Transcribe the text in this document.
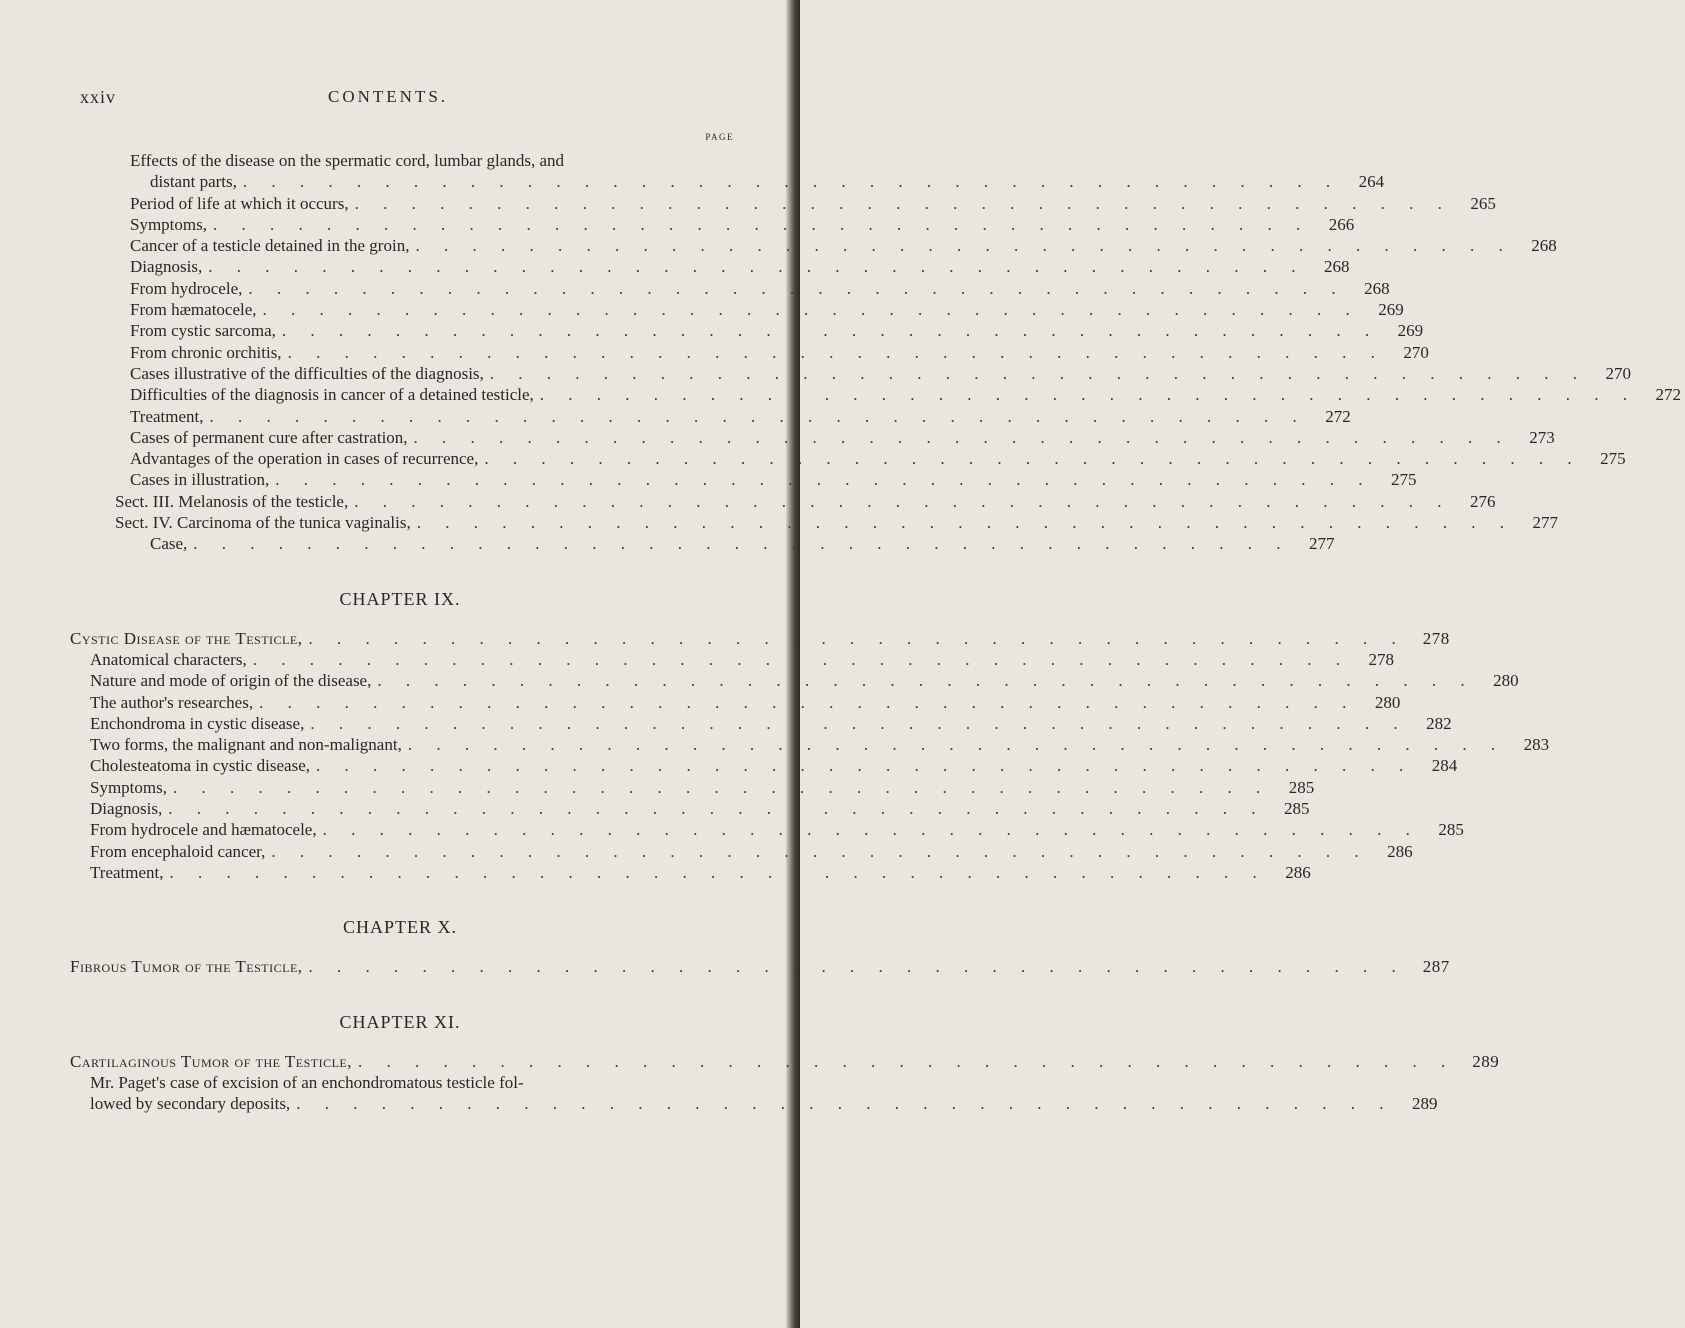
xxiv	CONTENTS.
PAGE
Effects of the disease on the spermatic cord, lumbar glands, and
distant parts, . . . . . . . . . . . . . . . . . . . . . . . . . . . . . . . . . . . . . . .	264
Period of life at which it occurs, . . . . . . . . . . . . . . . . . . . . . . . . . . . . . . . . . . . . . . .	265
Symptoms, . . . . . . . . . . . . . . . . . . . . . . . . . . . . . . . . . . . . . . .	266
Cancer of a testicle detained in the groin, . . . . . . . . . . . . . . . . . . . . . . . . . . . . . . . . . . . . . . .	268
Diagnosis, . . . . . . . . . . . . . . . . . . . . . . . . . . . . . . . . . . . . . . .	268
From hydrocele, . . . . . . . . . . . . . . . . . . . . . . . . . . . . . . . . . . . . . . .	268
From hæmatocele, . . . . . . . . . . . . . . . . . . . . . . . . . . . . . . . . . . . . . . .	269
From cystic sarcoma, . . . . . . . . . . . . . . . . . . . . . . . . . . . . . . . . . . . . . . .	269
From chronic orchitis, . . . . . . . . . . . . . . . . . . . . . . . . . . . . . . . . . . . . . . .	270
Cases illustrative of the difficulties of the diagnosis, . . . . . . . . . . . . . . . . . . . . . . . . . . . . . . . . . . . . . . .	270
Difficulties of the diagnosis in cancer of a detained testicle, . . . . . . . . . . . . . . . . . . . . . . . . . . . . . . . . . . . . . . .	272
Treatment, . . . . . . . . . . . . . . . . . . . . . . . . . . . . . . . . . . . . . . .	272
Cases of permanent cure after castration, . . . . . . . . . . . . . . . . . . . . . . . . . . . . . . . . . . . . . . .	273
Advantages of the operation in cases of recurrence, . . . . . . . . . . . . . . . . . . . . . . . . . . . . . . . . . . . . . . .	275
Cases in illustration, . . . . . . . . . . . . . . . . . . . . . . . . . . . . . . . . . . . . . . .	275
Sect. III. Melanosis of the testicle, . . . . . . . . . . . . . . . . . . . . . . . . . . . . . . . . . . . . . . .	276
Sect. IV. Carcinoma of the tunica vaginalis, . . . . . . . . . . . . . . . . . . . . . . . . . . . . . . . . . . . . . . .	277
Case, . . . . . . . . . . . . . . . . . . . . . . . . . . . . . . . . . . . . . . .	277
CHAPTER IX.
Cystic Disease of the Testicle, . . . . . . . . . . . . . . . . . . . . . . . . . . . . . . . . . . . . . . .	278
Anatomical characters, . . . . . . . . . . . . . . . . . . . . . . . . . . . . . . . . . . . . . . .	278
Nature and mode of origin of the disease, . . . . . . . . . . . . . . . . . . . . . . . . . . . . . . . . . . . . . . .	280
The author's researches, . . . . . . . . . . . . . . . . . . . . . . . . . . . . . . . . . . . . . . .	280
Enchondroma in cystic disease, . . . . . . . . . . . . . . . . . . . . . . . . . . . . . . . . . . . . . . .	282
Two forms, the malignant and non-malignant, . . . . . . . . . . . . . . . . . . . . . . . . . . . . . . . . . . . . . . .	283
Cholesteatoma in cystic disease, . . . . . . . . . . . . . . . . . . . . . . . . . . . . . . . . . . . . . . .	284
Symptoms, . . . . . . . . . . . . . . . . . . . . . . . . . . . . . . . . . . . . . . .	285
Diagnosis, . . . . . . . . . . . . . . . . . . . . . . . . . . . . . . . . . . . . . . .	285
From hydrocele and hæmatocele, . . . . . . . . . . . . . . . . . . . . . . . . . . . . . . . . . . . . . . .	285
From encephaloid cancer, . . . . . . . . . . . . . . . . . . . . . . . . . . . . . . . . . . . . . . .	286
Treatment, . . . . . . . . . . . . . . . . . . . . . . . . . . . . . . . . . . . . . . .	286
CHAPTER X.
Fibrous Tumor of the Testicle, . . . . . . . . . . . . . . . . . . . . . . . . . . . . . . . . . . . . . . .	287
CHAPTER XI.
Cartilaginous Tumor of the Testicle, . . . . . . . . . . . . . . . . . . . . . . . . . . . . . . . . . . . . . . .	289
Mr. Paget's case of excision of an enchondromatous testicle fol-
lowed by secondary deposits, . . . . . . . . . . . . . . . . . . . . . . . . . . . . . . . . . . . . . . .	289
